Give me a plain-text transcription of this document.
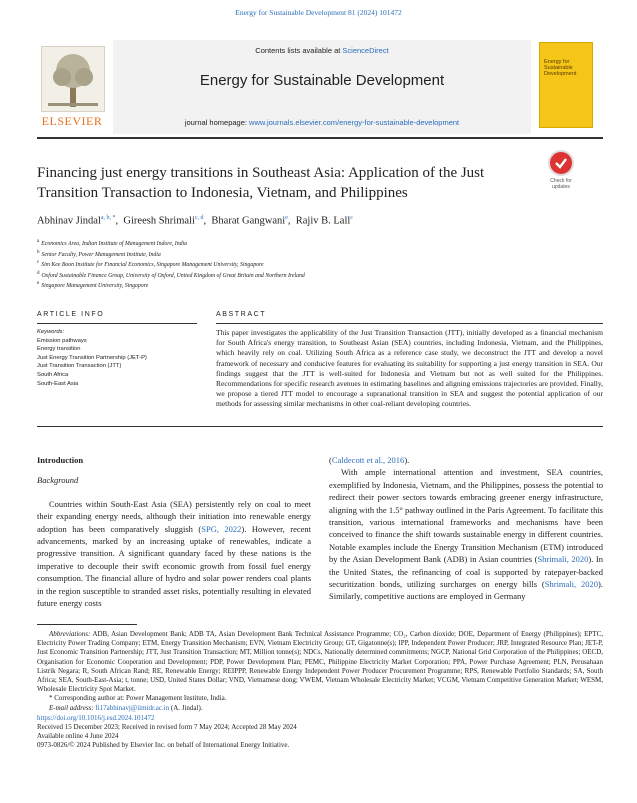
Energy for Sustainable Development 81 (2024) 101472
ELSEVIER
Contents lists available at ScienceDirect
Energy for Sustainable Development
journal homepage: www.journals.elsevier.com/energy-for-sustainable-development
Energy for Sustainable Development
Financing just energy transitions in Southeast Asia: Application of the Just Transition Transaction to Indonesia, Vietnam, and Philippines
Check for updates
Abhinav Jindal$^{a, b, *}$,  Gireesh Shrimali$^{c, d}$,  Bharat Gangwani$^e$,  Rajiv B. Lall$^c$
a Economics Area, Indian Institute of Management Indore, India
b Senior Faculty, Power Management Institute, India
c Sim Kee Boon Institute for Financial Economics, Singapore Management University, Singapore
d Oxford Sustainable Finance Group, University of Oxford, United Kingdom of Great Britain and Northern Ireland
e Singapore Management University, Singapore
ARTICLE INFO	ABSTRACT
Keywords:
Emission pathways
Energy transition
Just Energy Transition Partnership (JET-P)
Just Transition Transaction (JTT)
South Africa
South-East Asia
This paper investigates the applicability of the Just Transition Transaction (JTT), initially developed as a financial mechanism for South Africa's energy transition, to Southeast Asian (SEA) countries, including Indonesia, Vietnam, and the Philippines, which heavily rely on coal. Utilizing South Africa as a reference case study, we deconstruct the JTT and develop a novel framework of necessary and conducive features for evaluating its suitability for supporting a just energy transition in SEA. Our findings suggest that the JTT is well-suited for Indonesia and Vietnam but not as well suited for the Philippines. Recommendations for specific research avenues in estimating baselines and aligning emissions trajectories are provided. Finally, we propose a tiered JTT model to encourage a supranational transition in SEA and suggest the potential application of our methods for assessing similar mechanisms in other coal-reliant developing countries.
Introduction
Background

Countries within South-East Asia (SEA) persistently rely on coal to meet their expanding energy needs, although their initiation into renewable energy adoption has been comparatively sluggish (SPG, 2022). However, recent advancements, marked by an increasing uptake of renewables, indicate a progressive transition. A significant quandary faced by these nations is the imperative to decouple their swift economic growth from fossil fuel energy consumption. The financial allure of hydro and solar power renders coal plants in the region susceptible to stranded asset risks, potentially resulting in elevated future energy costs

(Caldecott et al., 2016).

With ample international attention and investment, SEA countries, exemplified by Indonesia, Vietnam, and the Philippines, possess the potential to redirect their power sectors towards embracing greener energy infrastructure, aligning with the 1.5° pathway outlined in the Paris Agreement. To facilitate this transition, various international frameworks and mechanisms have been conceived to finance the shift towards sustainable energy in different countries. Notable examples include the Energy Transition Mechanism (ETM) introduced by the Asian Development Bank (ADB) in Asian countries (Shrimali, 2020). In the United States, the refinancing of coal is supported by ratepayer-backed securitization bonds, utilizing surcharges on energy bills (Shrimali, 2020). Similarly, competitive auctions are employed in Germany

Abbreviations: ADB, Asian Development Bank; ADB TA, Asian Development Bank Technical Assistance Programme; CO₂, Carbon dioxide; DOE, Department of Energy (Philippines); EPTC, Electricity Power Trading Company; ETM, Energy Transition Mechanism; EVN, Vietnam Electricity Group; GT, Gigatonne(s); IPP, Independent Power Producer; JRP, Integrated Resource Plan; JET-P, Just Economic Transition Partnership; JTT, Just Transition Transaction; MT, Million tonne(s); NDCs, Nationally determined commitments; NGCP, National Grid Corporation of the Philippines; OECD, Organisation for Economic Cooperation and Development; PDP, Power Development Plan; PEMC, Philippine Electricity Market Corporation; PPA, Power Purchase Agreement; PLN, Perusahaan Listrik Negara; R, South African Rand; RE, Renewable Energy; REIPPP, Renewable Energy Independent Power Producer Procurement Programme; RPS, Renewable Portfolio Standards; SA, South Africa; SEA, South-East-Asia; t, tonne; USD, United States Dollar; VND, Vietnamese dong; VWEM, Vietnam Wholesale Electricity Market; VCGM, Vietnam Competitive Generation Market; WESM, Wholesale Electricity Spot Market.

* Corresponding author at: Power Management Institute, India.

E-mail address: fi17abhinavj@iimidr.ac.in (A. Jindal).

https://doi.org/10.1016/j.esd.2024.101472

Received 15 December 2023; Received in revised form 7 May 2024; Accepted 28 May 2024

Available online 4 June 2024

0973-0826/© 2024 Published by Elsevier Inc. on behalf of International Energy Initiative.
